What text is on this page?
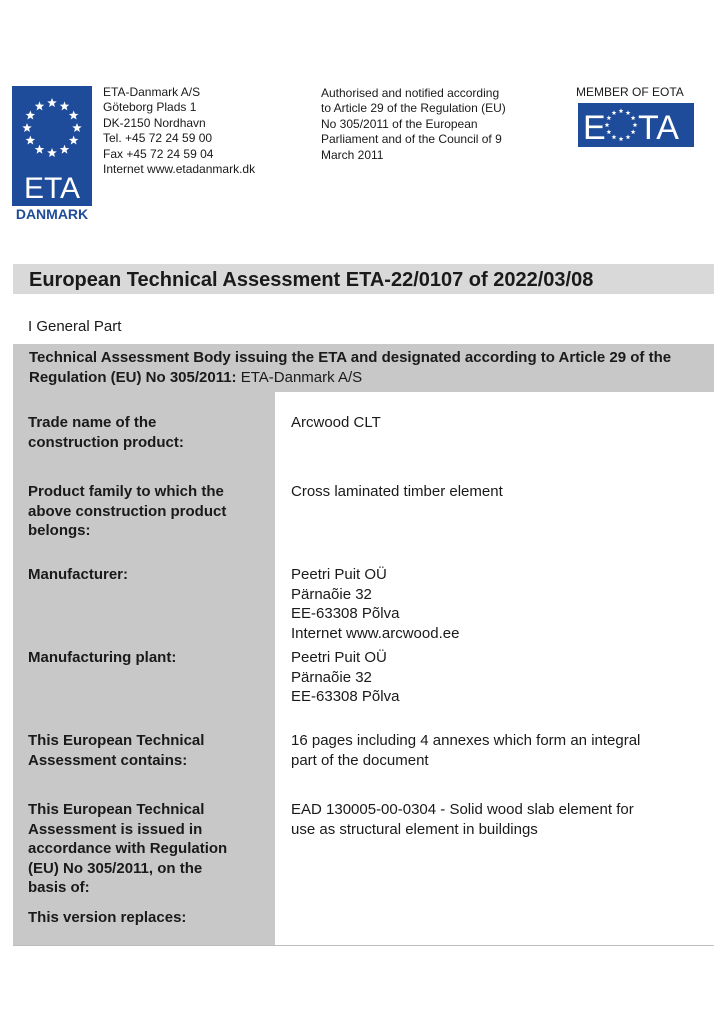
ETA
DANMARK
ETA-Danmark A/S
Göteborg Plads 1
DK-2150 Nordhavn
Tel. +45 72 24 59 00
Fax +45 72 24 59 04
Internet www.etadanmark.dk
Authorised and notified according
to Article 29 of the Regulation (EU)
No 305/2011 of the European
Parliament and of the Council of 9
March 2011
MEMBER OF EOTA
E TA
European Technical Assessment ETA-22/0107 of 2022/03/08
I General Part
Technical Assessment Body issuing the ETA and designated according to Article 29 of the Regulation (EU) No 305/2011: ETA-Danmark A/S
Trade name of the
construction product:
Arcwood CLT
Product family to which the
above construction product
belongs:
Cross laminated timber element
Manufacturer:	Peetri Puit OÜ
Pärnaõie 32
EE-63308 Põlva
Internet www.arcwood.ee
Manufacturing plant:	Peetri Puit OÜ
Pärnaõie 32
EE-63308 Põlva
This European Technical
Assessment contains:
16 pages including 4 annexes which form an integral
part of the document
This European Technical
Assessment is issued in
accordance with Regulation
(EU) No 305/2011, on the
basis of:
EAD 130005-00-0304 - Solid wood slab element for
use as structural element in buildings
This version replaces:
